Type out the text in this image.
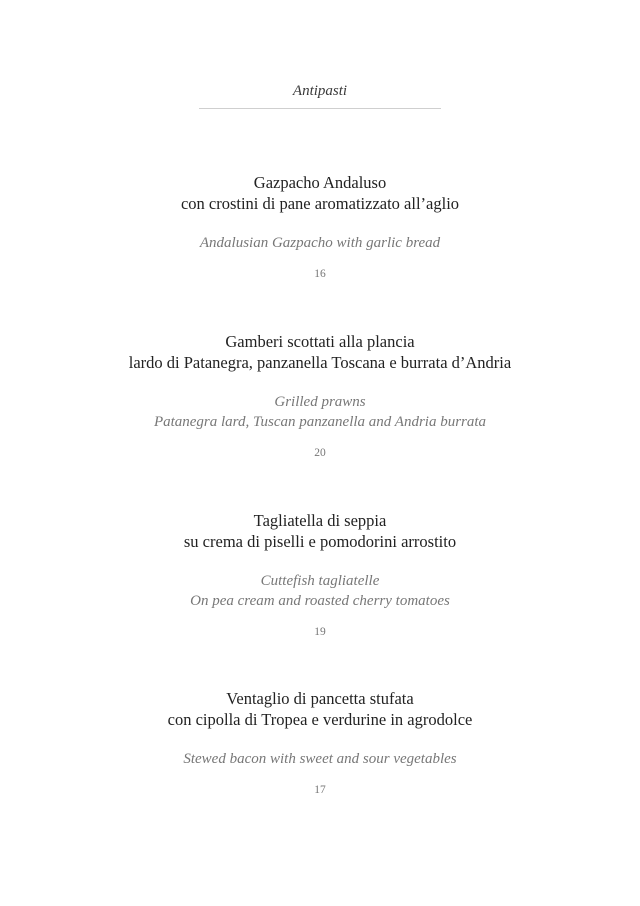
Antipasti
Gazpacho Andaluso
con crostini di pane aromatizzato all’aglio
Andalusian Gazpacho with garlic bread
16
Gamberi scottati alla plancia
lardo di Patanegra, panzanella Toscana e burrata d’Andria
Grilled prawns
Patanegra lard, Tuscan panzanella and Andria burrata
20
Tagliatella di seppia
su crema di piselli e pomodorini arrostito
Cuttefish tagliatelle
On pea cream and roasted cherry tomatoes
19
Ventaglio di pancetta stufata
con cipolla di Tropea e verdurine in agrodolce
Stewed bacon with sweet and sour vegetables
17
